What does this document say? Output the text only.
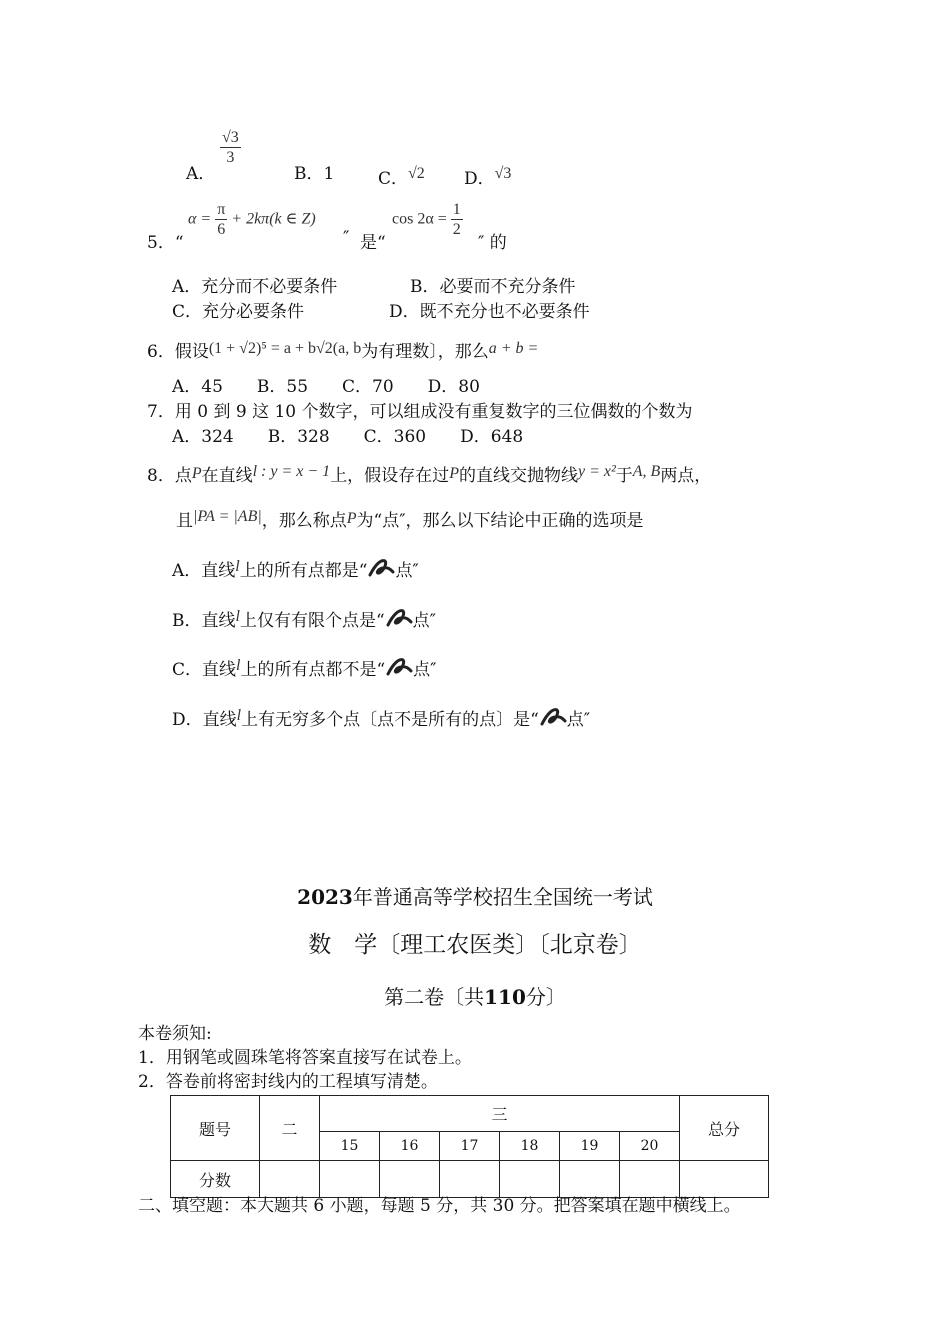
A．
$\frac{√3}{3}$
B．1	C．√2 D．√3
5．“
$\alpha = \frac{\pi}{6} + 2k\pi(k$ ∈ Z)
″ 是“
$\cos 2\alpha = \frac{1}{2}$
″ 的
A．充分而不必要条件	B．必要而不充分条件
C．充分必要条件	D．既不充分也不必要条件
6．假设(1 + √2)⁵ = a + b√2(a, b为有理数〕，那么a + b =
A．45　　B．55　　C．70　　D．80
7．用 0 到 9 这 10 个数字，可以组成没有重复数字的三位偶数的个数为
A．324　　B．328　　C．360　　D．648
8．点P在直线l : y = x − 1上，假设存在过P的直线交抛物线y = x²于A, B两点，
且|PA = |AB|，那么称点P为“点″，那么以下结论中正确的选项是
A．直线l上的所有点都是“ 点″
B．直线l上仅有有限个点是“ 点″
C．直线l上的所有点都不是“ 点″
D．直线l上有无穷多个点〔点不是所有的点〕是“ 点″
2023年普通高等学校招生全国统一考试
数　学〔理工农医类〕〔北京卷〕
第二卷〔共110分〕
本卷须知:
1．用钢笔或圆珠笔将答案直接写在试卷上。
2．答卷前将密封线内的工程填写清楚。
题号	二	三						总分
		15	16	17	18	19	20	
分数								
二、填空题：本大题共 6 小题，每题 5 分，共 30 分。把答案填在题中横线上。
